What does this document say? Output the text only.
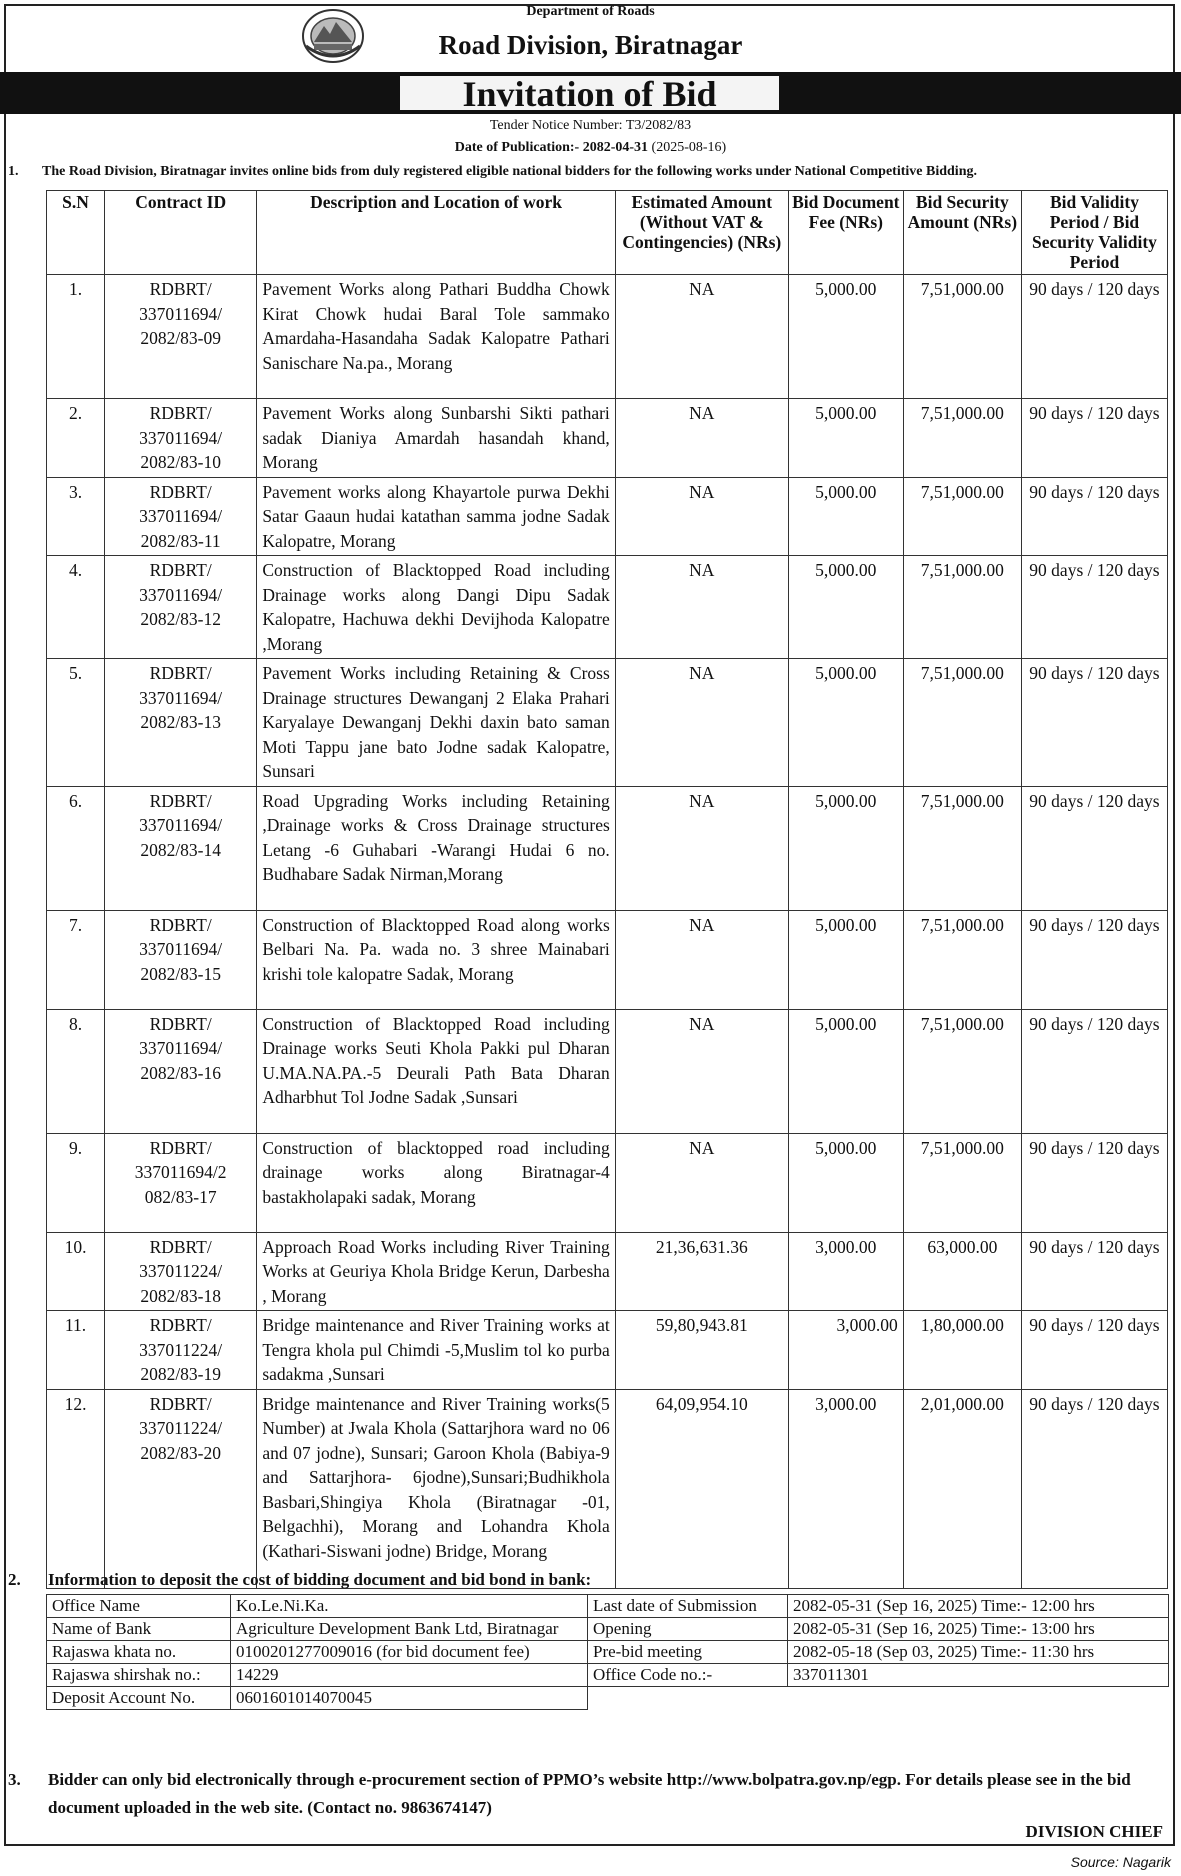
Department of Roads
Road Division, Biratnagar
Invitation of Bid
Tender Notice Number: T3/2082/83
Date of Publication:- 2082-04-31 (2025-08-16)
1. The Road Division, Biratnagar invites online bids from duly registered eligible national bidders for the following works under National Competitive Bidding.
S.N	Contract ID	Description and Location of work	Estimated Amount (Without VAT & Contingencies) (NRs)	Bid Document Fee (NRs)	Bid Security Amount (NRs)	Bid Validity Period / Bid Security Validity Period
1.	RDBRT/ 337011694/ 2082/83-09	Pavement Works along Pathari Buddha Chowk Kirat Chowk hudai Baral Tole sammako Amardaha-Hasandaha Sadak Kalopatre Pathari Sanischare Na.pa., Morang	NA	5,000.00	7,51,000.00	90 days / 120 days
2.	RDBRT/ 337011694/ 2082/83-10	Pavement Works along Sunbarshi Sikti pathari sadak Dianiya Amardah hasandah khand, Morang	NA	5,000.00	7,51,000.00	90 days / 120 days
3.	RDBRT/ 337011694/ 2082/83-11	Pavement works along Khayartole purwa Dekhi Satar Gaaun hudai katathan samma jodne Sadak Kalopatre, Morang	NA	5,000.00	7,51,000.00	90 days / 120 days
4.	RDBRT/ 337011694/ 2082/83-12	Construction of Blacktopped Road including Drainage works along Dangi Dipu Sadak Kalopatre, Hachuwa dekhi Devijhoda Kalopatre ,Morang	NA	5,000.00	7,51,000.00	90 days / 120 days
5.	RDBRT/ 337011694/ 2082/83-13	Pavement Works including Retaining & Cross Drainage structures Dewanganj 2 Elaka Prahari Karyalaye Dewanganj Dekhi daxin bato saman Moti Tappu jane bato Jodne sadak Kalopatre, Sunsari	NA	5,000.00	7,51,000.00	90 days / 120 days
6.	RDBRT/ 337011694/ 2082/83-14	Road Upgrading Works including Retaining ,Drainage works & Cross Drainage structures Letang -6 Guhabari -Warangi Hudai 6 no. Budhabare Sadak Nirman,Morang	NA	5,000.00	7,51,000.00	90 days / 120 days
7.	RDBRT/ 337011694/ 2082/83-15	Construction of Blacktopped Road along works Belbari Na. Pa. wada no. 3 shree Mainabari krishi tole kalopatre Sadak, Morang	NA	5,000.00	7,51,000.00	90 days / 120 days
8.	RDBRT/ 337011694/ 2082/83-16	Construction of Blacktopped Road including Drainage works Seuti Khola Pakki pul Dharan U.MA.NA.PA.-5 Deurali Path Bata Dharan Adharbhut Tol Jodne Sadak ,Sunsari	NA	5,000.00	7,51,000.00	90 days / 120 days
9.	RDBRT/ 337011694/2 082/83-17	Construction of blacktopped road including drainage works along Biratnagar-4 bastakholapaki sadak, Morang	NA	5,000.00	7,51,000.00	90 days / 120 days
10.	RDBRT/ 337011224/ 2082/83-18	Approach Road Works including River Training Works at Geuriya Khola Bridge Kerun, Darbesha , Morang	21,36,631.36	3,000.00	63,000.00	90 days / 120 days
11.	RDBRT/ 337011224/ 2082/83-19	Bridge maintenance and River Training works at Tengra khola pul Chimdi -5,Muslim tol ko purba sadakma ,Sunsari	59,80,943.81	3,000.00	1,80,000.00	90 days / 120 days
12.	RDBRT/ 337011224/ 2082/83-20	Bridge maintenance and River Training works(5 Number) at Jwala Khola (Sattarjhora ward no 06 and 07 jodne), Sunsari; Garoon Khola (Babiya-9 and Sattarjhora- 6jodne),Sunsari;Budhikhola Basbari,Shingiya Khola (Biratnagar -01, Belgachhi), Morang and Lohandra Khola (Kathari-Siswani jodne) Bridge, Morang	64,09,954.10	3,000.00	2,01,000.00	90 days / 120 days
2. Information to deposit the cost of bidding document and bid bond in bank:
Office Name	Ko.Le.Ni.Ka.	Last date of Submission	2082-05-31 (Sep 16, 2025) Time:- 12:00 hrs
Name of Bank	Agriculture Development Bank Ltd, Biratnagar	Opening	2082-05-31 (Sep 16, 2025) Time:- 13:00 hrs
Rajaswa khata no.	0100201277009016 (for bid document fee)	Pre-bid meeting	2082-05-18 (Sep 03, 2025) Time:- 11:30 hrs
Rajaswa shirshak no.:	14229	Office Code no.:-	337011301
Deposit Account No.	0601601014070045		
3. Bidder can only bid electronically through e-procurement section of PPMO’s website http://www.bolpatra.gov.np/egp. For details please see in the bid document uploaded in the web site. (Contact no. 9863674147)
DIVISION CHIEF
Source: Nagarik
